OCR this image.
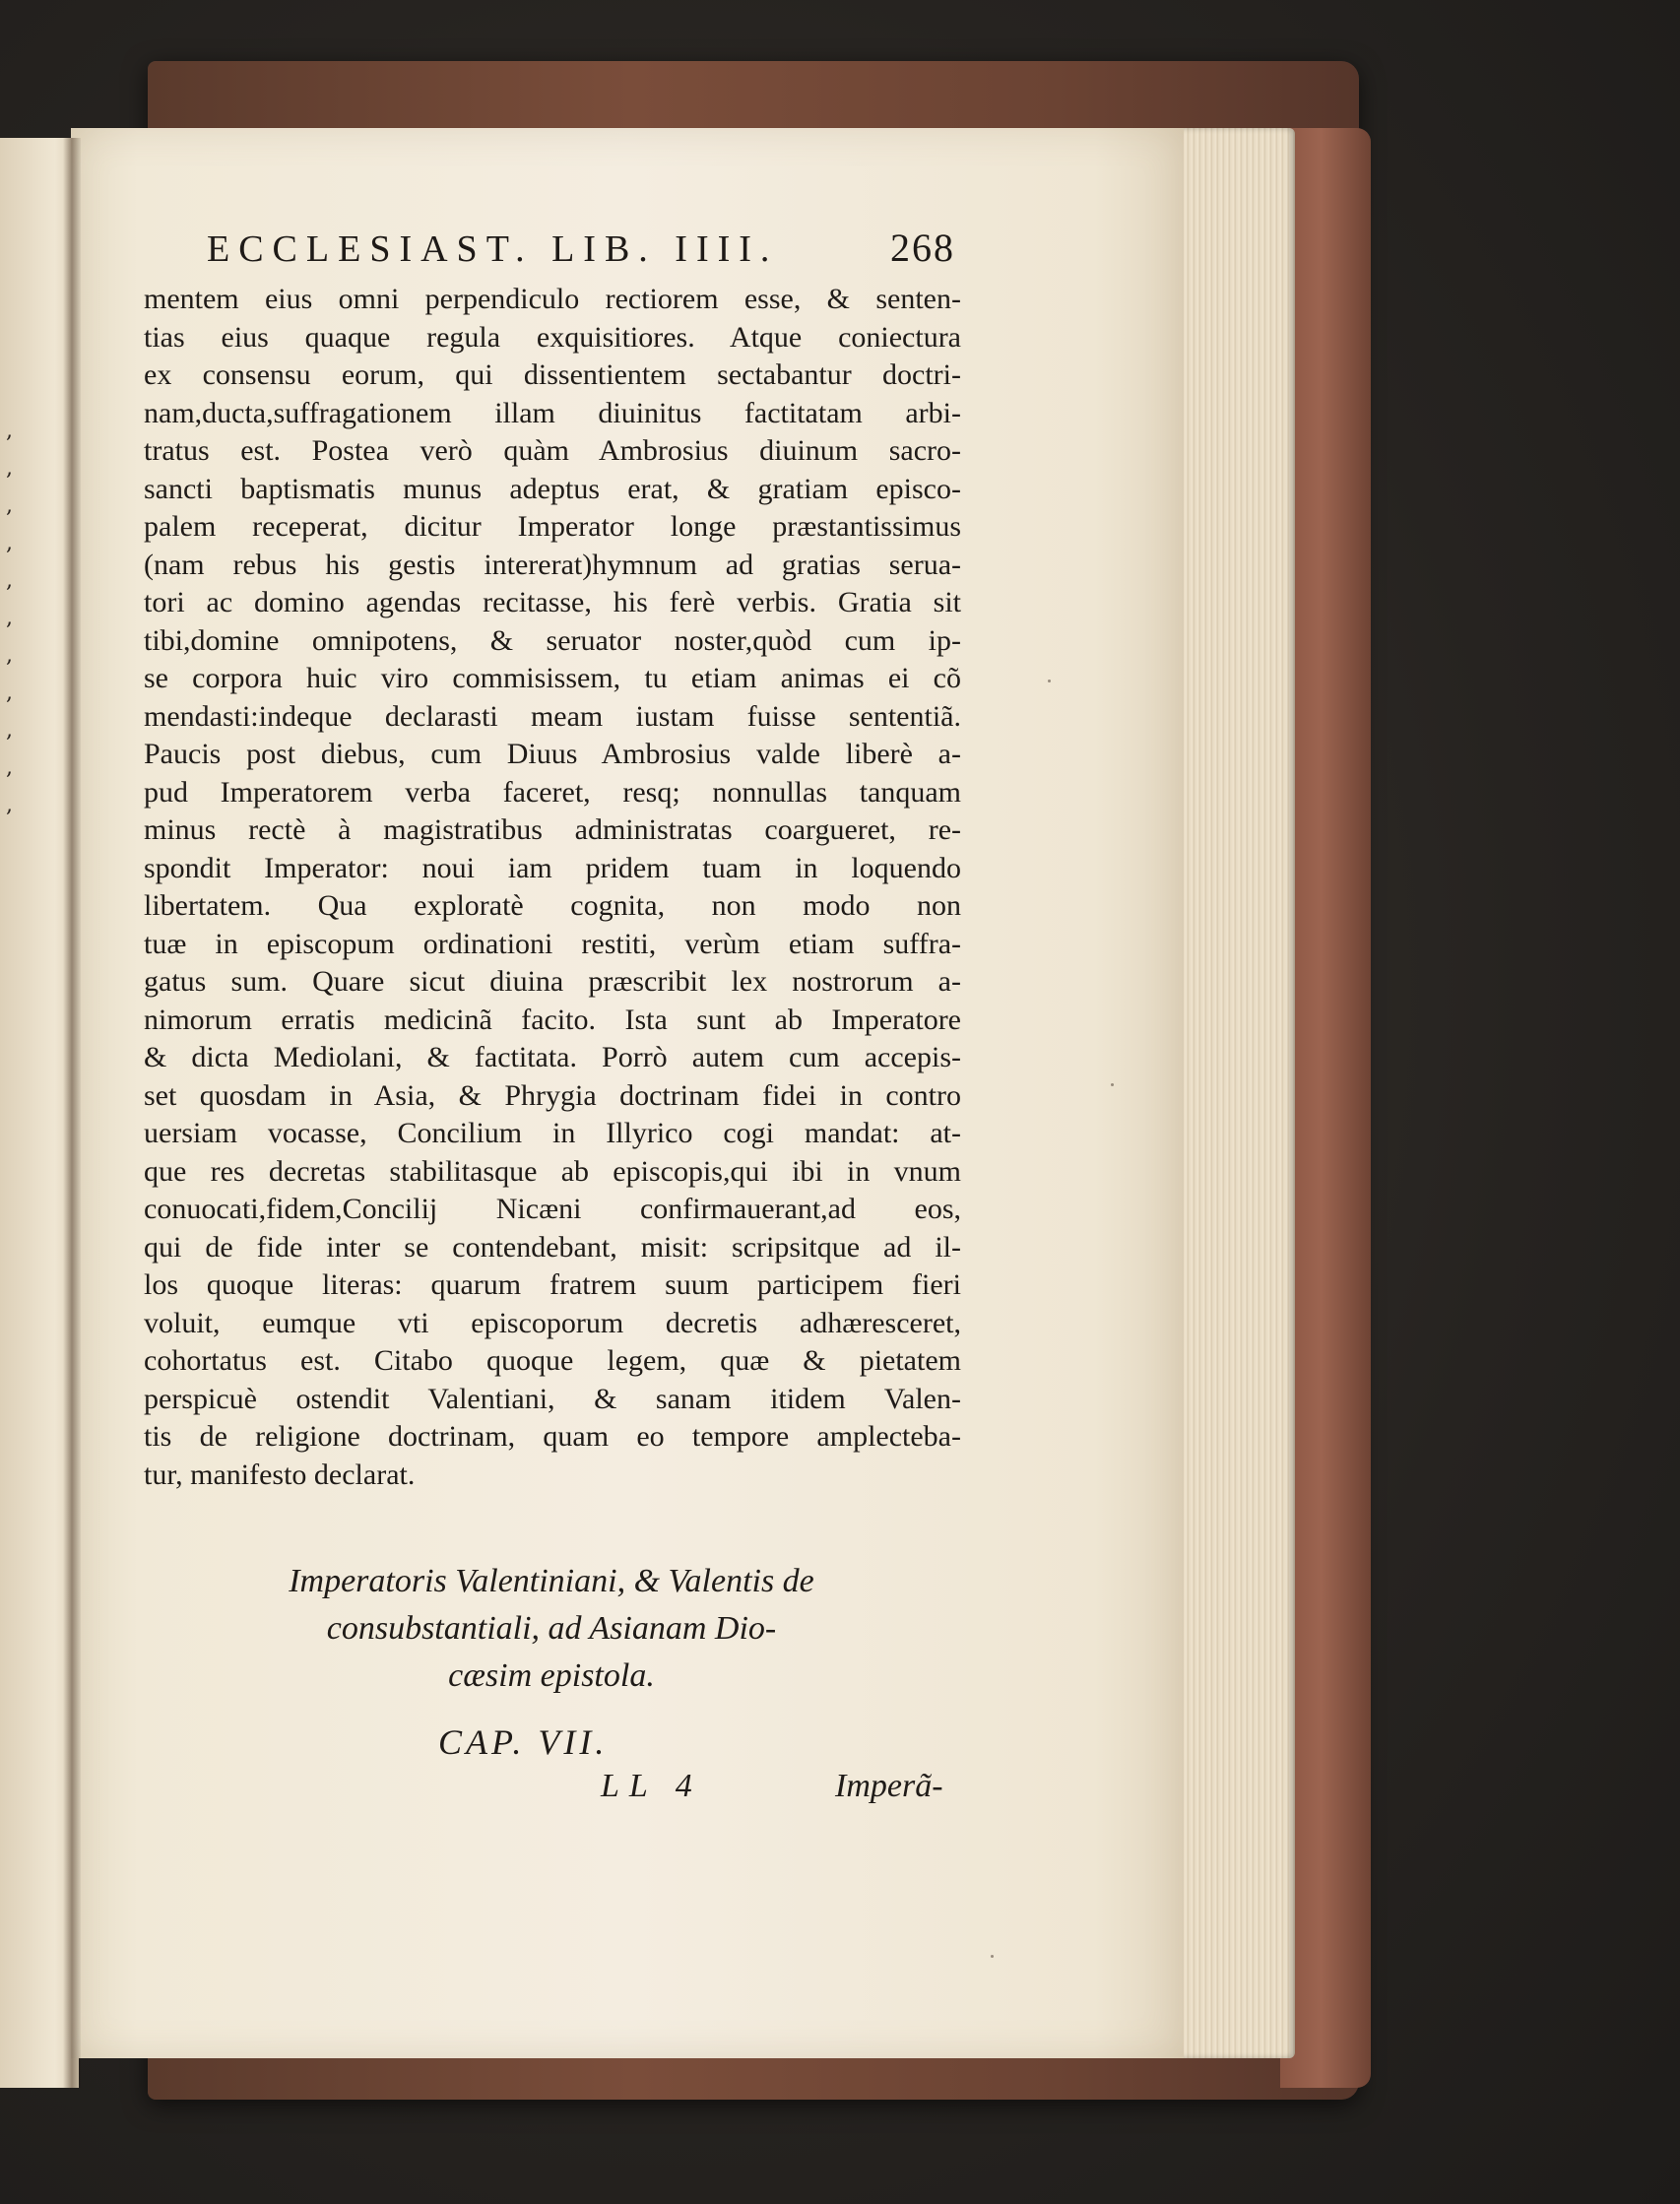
,
,
,
,
,
,
,
,
,
,
,
ECCLESIAST. LIB. IIII.	268
mentem eius omni perpendiculo rectiorem esse, & senten-
tias eius quaque regula exquisitiores. Atque coniectura
ex consensu eorum, qui dissentientem sectabantur doctri-
nam,ducta,suffragationem illam diuinitus factitatam arbi-
tratus est. Postea verò quàm Ambrosius diuinum sacro-
sancti baptismatis munus adeptus erat, & gratiam episco-
palem receperat, dicitur Imperator longe præstantissimus
(nam rebus his gestis intererat)hymnum ad gratias serua-
tori ac domino agendas recitasse, his ferè verbis. Gratia sit
tibi,domine omnipotens, & seruator noster,quòd cum ip-
se corpora huic viro commisissem, tu etiam animas ei cõ
mendasti:indeque declarasti meam iustam fuisse sententiã.
Paucis post diebus, cum Diuus Ambrosius valde liberè a-
pud Imperatorem verba faceret, resq; nonnullas tanquam
minus rectè à magistratibus administratas coargueret, re-
spondit Imperator: noui iam pridem tuam in loquendo
libertatem. Qua exploratè cognita, non modo non
tuæ in episcopum ordinationi restiti, verùm etiam suffra-
gatus sum. Quare sicut diuina præscribit lex nostrorum a-
nimorum erratis medicinã facito. Ista sunt ab Imperatore
& dicta Mediolani, & factitata. Porrò autem cum accepis-
set quosdam in Asia, & Phrygia doctrinam fidei in contro
uersiam vocasse, Concilium in Illyrico cogi mandat: at-
que res decretas stabilitasque ab episcopis,qui ibi in vnum
conuocati,fidem,Concilij Nicæni confirmauerant,ad eos,
qui de fide inter se contendebant, misit: scripsitque ad il-
los quoque literas: quarum fratrem suum participem fieri
voluit, eumque vti episcoporum decretis adhæresceret,
cohortatus est. Citabo quoque legem, quæ & pietatem
perspicuè ostendit Valentiani, & sanam itidem Valen-
tis de religione doctrinam, quam eo tempore amplectebа-
tur, manifesto declarat.
Imperatoris Valentiniani, & Valentis de
consubstantiali, ad Asianam Dio-
cæsim epistola.
CAP. VII.
LL 4	Imperã-
